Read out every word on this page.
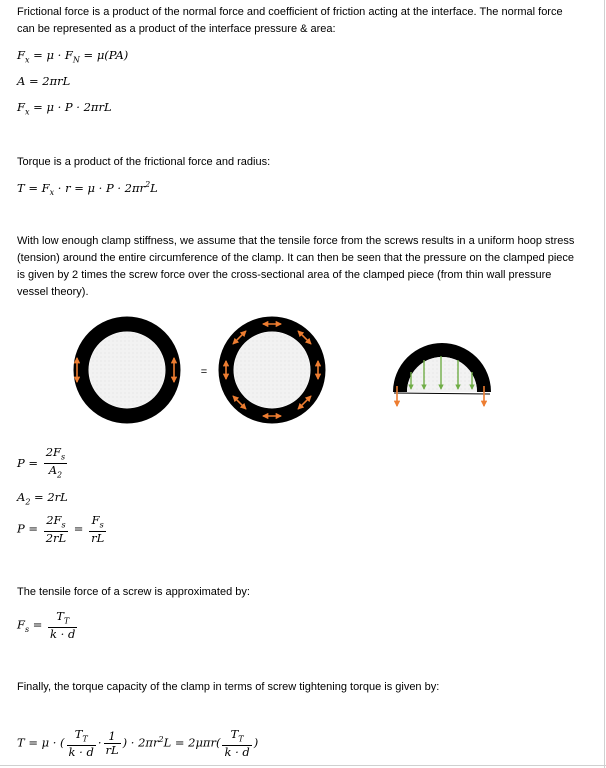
Frictional force is a product of the normal force and coefficient of friction acting at the interface. The normal force can be represented as a product of the interface pressure & area:
$F_x = \mu \cdot F_N = \mu(PA)$
A = 2πrL
$F_x = \mu \cdot P \cdot 2\pi rL$
Torque is a product of the frictional force and radius:
$T = F_x \cdot r = \mu \cdot P \cdot 2\pi r^2L$
With low enough clamp stiffness, we assume that the tensile force from the screws results in a uniform hoop stress (tension) around the entire circumference of the clamp. It can then be seen that the pressure on the clamped piece is given by 2 times the screw force over the cross-sectional area of the clamped piece (from thin wall pressure vessel theory).
=
$P = \frac{2F_s}{A_2}$
$A_2 = 2rL$
$P = \frac{2F_s}{2rL} = \frac{F_s}{rL}$
The tensile force of a screw is approximated by:
$F_s = \frac{T_T}{k \cdot d}$
Finally, the torque capacity of the clamp in terms of screw tightening torque is given by:
T = μ · ( $\frac{T_T}{k \cdot d} \cdot \frac{1}{rL}$ ) · $2\pi r^2L = 2\mu\pi r( \frac{T_T}{k \cdot d}$ )
